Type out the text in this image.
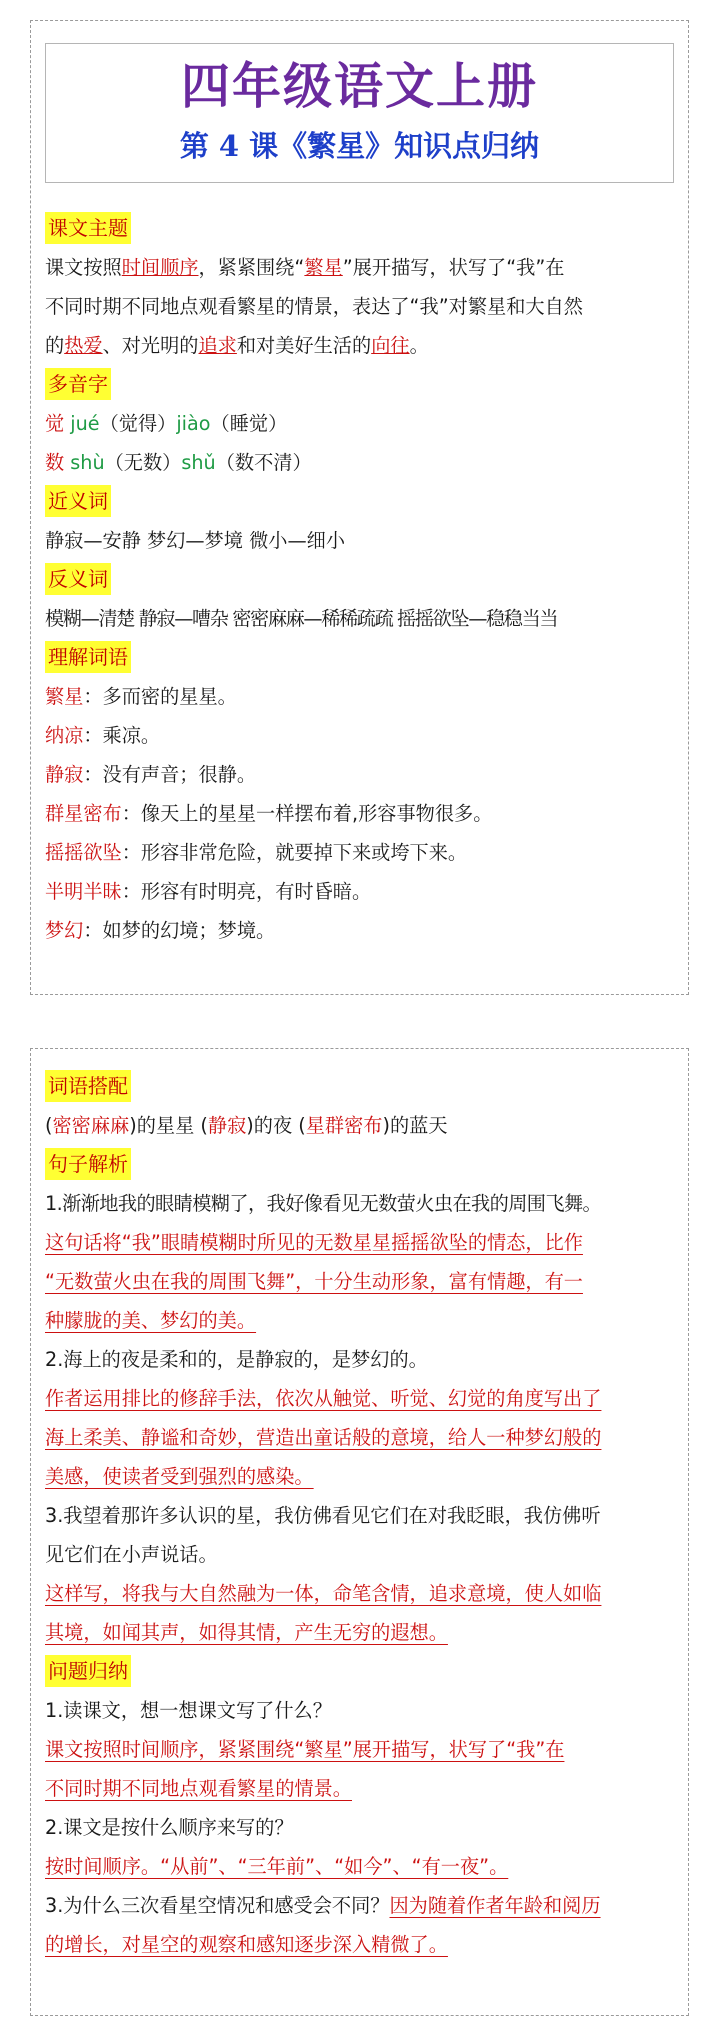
四年级语文上册
第 4 课《繁星》知识点归纳
课文主题

课文按照时间顺序，紧紧围绕“繁星”展开描写，状写了“我”在

不同时期不同地点观看繁星的情景，表达了“我”对繁星和大自然

的热爱、对光明的追求和对美好生活的向往。

多音字

觉 jué（觉得）jiào（睡觉）

数 shù（无数）shǔ（数不清）

近义词

静寂—安静 梦幻—梦境 微小—细小

反义词

模糊—清楚 静寂—嘈杂 密密麻麻—稀稀疏疏 摇摇欲坠—稳稳当当

理解词语

繁星：多而密的星星。

纳凉：乘凉。

静寂：没有声音；很静。

群星密布：像天上的星星一样摆布着,形容事物很多。

摇摇欲坠：形容非常危险，就要掉下来或垮下来。

半明半昧：形容有时明亮，有时昏暗。

梦幻：如梦的幻境；梦境。

词语搭配

(密密麻麻)的星星 (静寂)的夜 (星群密布)的蓝天

句子解析

1.渐渐地我的眼睛模糊了，我好像看见无数萤火虫在我的周围飞舞。

这句话将“我”眼睛模糊时所见的无数星星摇摇欲坠的情态，比作
“无数萤火虫在我的周围飞舞”，十分生动形象，富有情趣，有一
种朦胧的美、梦幻的美。

2.海上的夜是柔和的，是静寂的，是梦幻的。

作者运用排比的修辞手法，依次从触觉、听觉、幻觉的角度写出了
海上柔美、静谧和奇妙，营造出童话般的意境，给人一种梦幻般的
美感，使读者受到强烈的感染。

3.我望着那许多认识的星，我仿佛看见它们在对我眨眼，我仿佛听
见它们在小声说话。

这样写，将我与大自然融为一体，命笔含情，追求意境，使人如临
其境，如闻其声，如得其情，产生无穷的遐想。

问题归纳

1.读课文，想一想课文写了什么？

课文按照时间顺序，紧紧围绕“繁星”展开描写，状写了“我”在
不同时期不同地点观看繁星的情景。

2.课文是按什么顺序来写的？

按时间顺序。“从前”、“三年前”、“如今”、“有一夜”。

3.为什么三次看星空情况和感受会不同？因为随着作者年龄和阅历

的增长，对星空的观察和感知逐步深入精微了。
